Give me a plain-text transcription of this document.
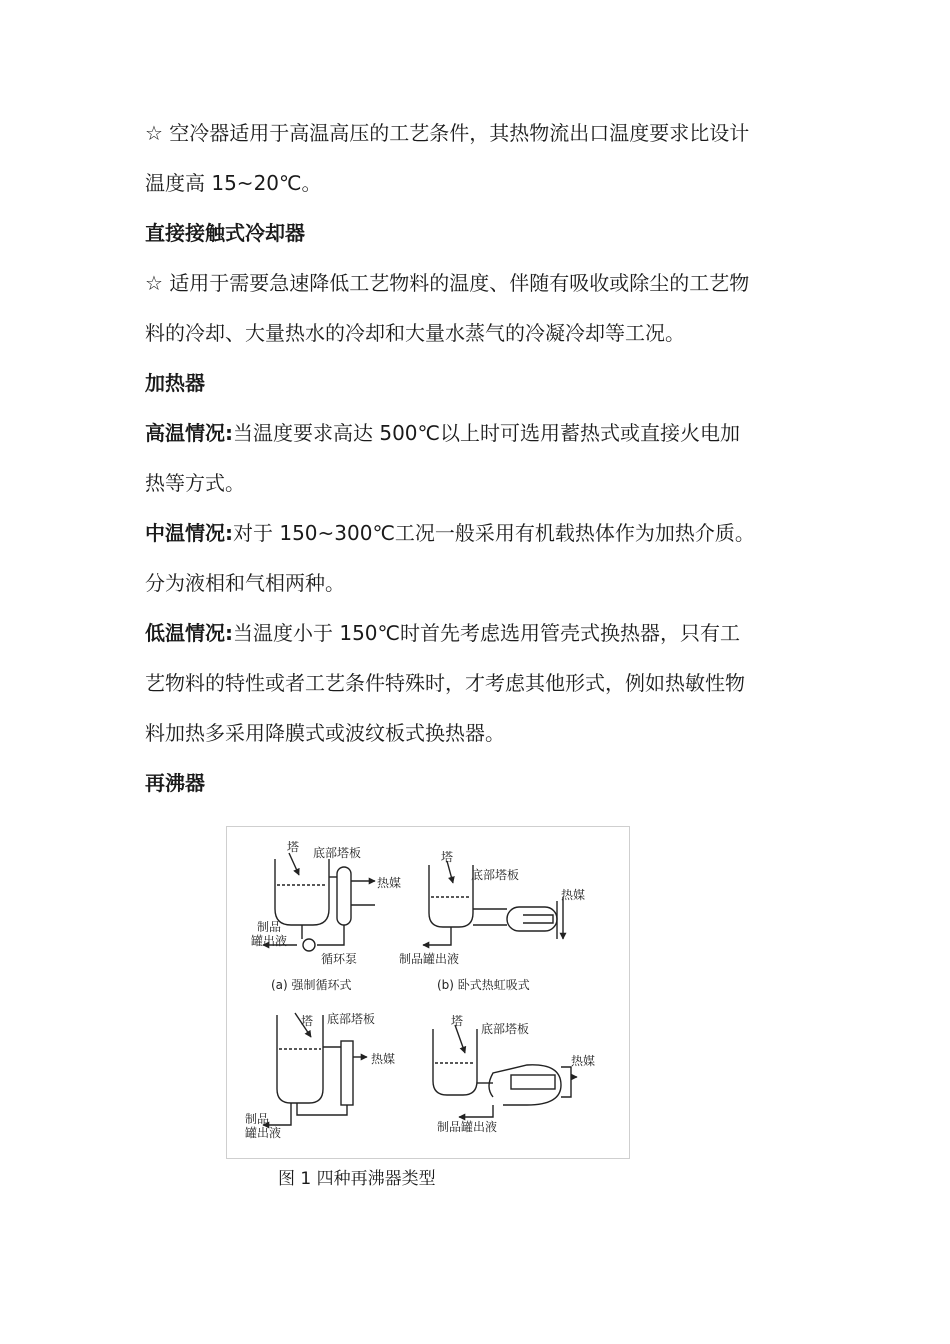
☆ 空冷器适用于高温高压的工艺条件，其热物流出口温度要求比设计
温度高 15~20℃。
直接接触式冷却器
☆ 适用于需要急速降低工艺物料的温度、伴随有吸收或除尘的工艺物
料的冷却、大量热水的冷却和大量水蒸气的冷凝冷却等工况。
加热器
高温情况:当温度要求高达 500℃以上时可选用蓄热式或直接火电加
热等方式。
中温情况:对于 150~300℃工况一般采用有机载热体作为加热介质。
分为液相和气相两种。
低温情况:当温度小于 150℃时首先考虑选用管壳式换热器，只有工
艺物料的特性或者工艺条件特殊时，才考虑其他形式，例如热敏性物
料加热多采用降膜式或波纹板式换热器。
再沸器
塔 底部塔板
热媒
制品
罐出液
循环泵
(a) 强制循环式
塔
底部塔板
热媒
制品罐出液
(b) 卧式热虹吸式
塔 底部塔板
热媒
制品
罐出液
塔
底部塔板
热媒
制品罐出液
图 1 四种再沸器类型
